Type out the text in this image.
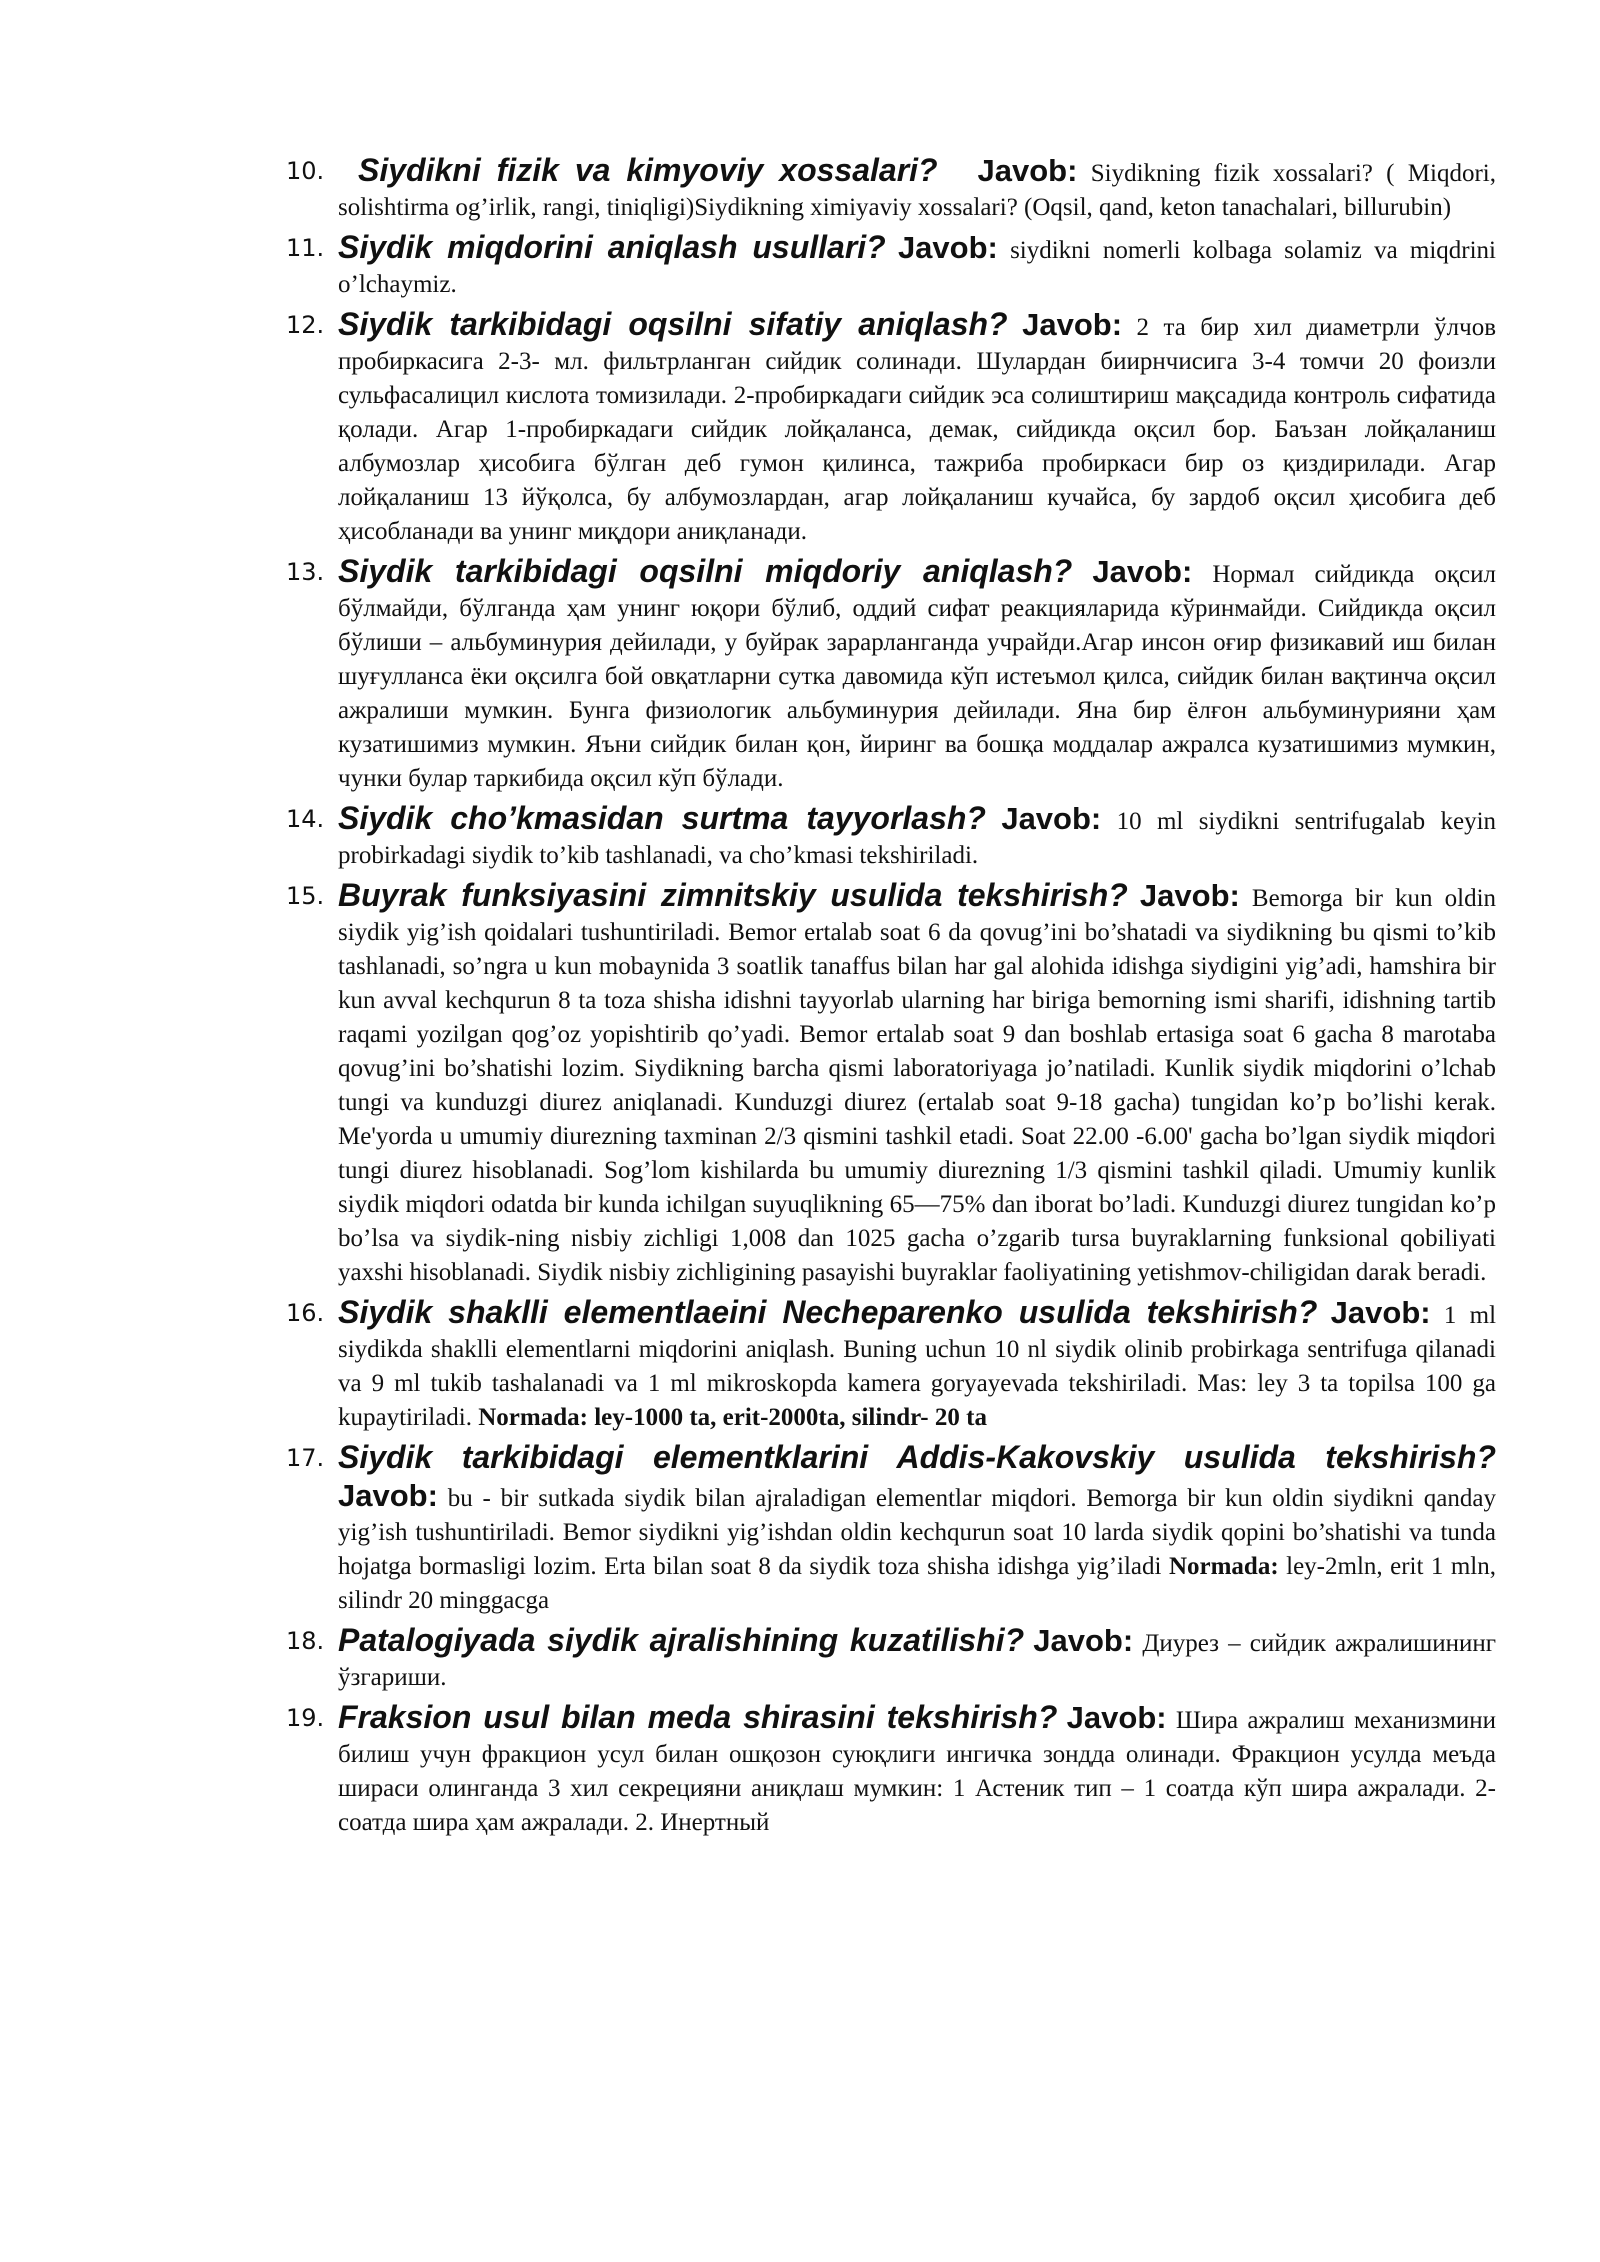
10. Siydikni fizik va kimyoviy xossalari? Javob: Siydikning fizik xossalari? ( Miqdori, solishtirma og’irlik, rangi, tiniqligi)Siydikning ximiyaviy xossalari? (Oqsil, qand, keton tanachalari, billurubin)
11. Siydik miqdorini aniqlash usullari? Javob: siydikni nomerli kolbaga solamiz va miqdrini o’lchaymiz.
12. Siydik tarkibidagi oqsilni sifatiy aniqlash? Javob: 2 та бир хил диаметрли ўлчов пробиркасига 2-3- мл. фильтрланган сийдик солинади. Шулардан биирнчисига 3-4 томчи 20 фоизли сульфасалицил кислота томизилади. 2-пробиркадаги сийдик эса солиштириш мақсадида контроль сифатида қолади. Агар 1-пробиркадаги сийдик лойқаланса, демак, сийдикда оқсил бор. Баъзан лойқаланиш албумозлар ҳисобига бўлган деб гумон қилинса, тажриба пробиркаси бир оз қиздирилади. Агар лойқаланиш 13 йўқолса, бу албумозлардан, агар лойқаланиш кучайса, бу зардоб оқсил ҳисобига деб ҳисобланади ва унинг миқдори аниқланади.
13. Siydik tarkibidagi oqsilni miqdoriy aniqlash? Javob: Нормал сийдикда оқсил бўлмайди, бўлганда ҳам унинг юқори бўлиб, оддий сифат реакцияларида кўринмайди. Сийдикда оқсил бўлиши – альбуминурия дейилади, у буйрак зарарланганда учрайди.Агар инсон оғир физикавий иш билан шуғулланса ёки оқсилга бой овқатларни сутка давомида кўп истеъмол қилса, сийдик билан вақтинча оқсил ажралиши мумкин. Бунга физиологик альбуминурия дейилади. Яна бир ёлғон альбуминурияни ҳам кузатишимиз мумкин. Яъни сийдик билан қон, йиринг ва бошқа моддалар ажралса кузатишимиз мумкин, чунки булар таркибида оқсил кўп бўлади.
14. Siydik cho’kmasidan surtma tayyorlash? Javob: 10 ml siydikni sentrifugalab keyin probirkadagi siydik to’kib tashlanadi, va cho’kmasi tekshiriladi.
15. Buyrak funksiyasini zimnitskiy usulida tekshirish? Javob: Bemorga bir kun oldin siydik yig’ish qoidalari tushuntiriladi. Bemor ertalab soat 6 da qovug’ini bo’shatadi va siydikning bu qismi to’kib tashlanadi, so’ngra u kun mobaynida 3 soatlik tanaffus bilan har gal alohida idishga siydigini yig’adi, hamshira bir kun avval kechqurun 8 ta toza shisha idishni tayyorlab ularning har biriga bemorning ismi sharifi, idishning tartib raqami yozilgan qog’oz yopishtirib qo’yadi. Bemor ertalab soat 9 dan boshlab ertasiga soat 6 gacha 8 marotaba qovug’ini bo’shatishi lozim. Siydikning barcha qismi laboratoriyaga jo’natiladi. Kunlik siydik miqdorini o’lchab tungi va kunduzgi diurez aniqlanadi. Kunduzgi diurez (ertalab soat 9-18 gacha) tungidan ko’p bo’lishi kerak. Me'yorda u umumiy diurezning taxminan 2/3 qismini tashkil etadi. Soat 22.00 -6.00' gacha bo’lgan siydik miqdori tungi diurez hisoblanadi. Sog’lom kishilarda bu umumiy diurezning 1/3 qismini tashkil qiladi. Umumiy kunlik siydik miqdori odatda bir kunda ichilgan suyuqlikning 65—75% dan iborat bo’ladi. Kunduzgi diurez tungidan ko’p bo’lsa va siydik-ning nisbiy zichligi 1,008 dan 1025 gacha o’zgarib tursa buyraklarning funksional qobiliyati yaxshi hisoblanadi. Siydik nisbiy zichligining pasayishi buyraklar faoliyatining yetishmov-chiligidan darak beradi.
16. Siydik shaklli elementlaeini Necheparenko usulida tekshirish? Javob: 1 ml siydikda shaklli elementlarni miqdorini aniqlash. Buning uchun 10 nl siydik olinib probirkaga sentrifuga qilanadi va 9 ml tukib tashalanadi va 1 ml mikroskopda kamera goryayevada tekshiriladi. Mas: ley 3 ta topilsa 100 ga kupaytiriladi. Normada: ley-1000 ta, erit-2000ta, silindr- 20 ta
17. Siydik tarkibidagi elementklarini Addis-Kakovskiy usulida tekshirish? Javob: bu - bir sutkada siydik bilan ajraladigan elementlar miqdori. Bemorga bir kun oldin siydikni qanday yig’ish tushuntiriladi. Bemor siydikni yig’ishdan oldin kechqurun soat 10 larda siydik qopini bo’shatishi va tunda hojatga bormasligi lozim. Erta bilan soat 8 da siydik toza shisha idishga yig’iladi Normada: ley-2mln, erit 1 mln, silindr 20 minggacga
18. Patalogiyada siydik ajralishining kuzatilishi? Javob: Диурез – сийдик ажралишининг ўзгариши.
19. Fraksion usul bilan meda shirasini tekshirish? Javob: Шира ажралиш механизмини билиш учун фракцион усул билан ошқозон суюқлиги ингичка зондда олинади. Фракцион усулда меъда шираси олинганда 3 хил секрецияни аниқлаш мумкин: 1 Астеник тип – 1 соатда кўп шира ажралади. 2-соатда шира ҳам ажралади. 2. Инертный
